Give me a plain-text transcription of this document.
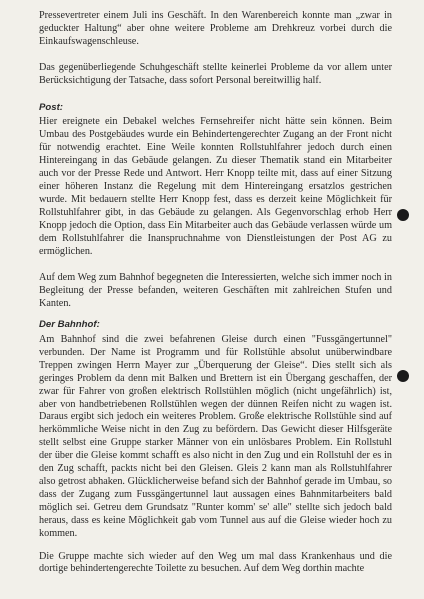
Pressevertreter einem Juli ins Geschäft. In den Warenbereich konnte man „zwar in geduckter Haltung“ aber ohne weitere Probleme am Drehkreuz vorbei durch die Einkaufswagenschleuse.

Das gegenüberliegende Schuhgeschäft stellte keinerlei Probleme da vor allem unter Berücksichtigung der Tatsache, dass sofort Personal bereitwillig half.

Post:

Hier ereignete ein Debakel welches Fernsehreifer nicht hätte sein können. Beim Umbau des Postgebäudes wurde ein Behindertengerechter Zugang an der Front nicht für notwendig erachtet. Eine Weile konnten Rollstuhlfahrer jedoch durch einen Hintereingang in das Gebäude gelangen. Zu dieser Thematik stand ein Mitarbeiter auch vor der Presse Rede und Antwort. Herr Knopp teilte mit, dass auf einer Sitzung einer höheren Instanz die Regelung mit dem Hintereingang ersatzlos gestrichen wurde. Mit bedauern stellte Herr Knopp fest, dass es derzeit keine Möglichkeit für Rollstuhlfahrer gibt, in das Gebäude zu gelangen. Als Gegenvorschlag erhob Herr Knopp jedoch die Option, dass Ein Mitarbeiter auch das Gebäude verlassen würde um dem Rollstuhlfahrer die Inanspruchnahme von Dienstleistungen der Post AG zu ermöglichen.

Auf dem Weg zum Bahnhof begegneten die Interessierten, welche sich immer noch in Begleitung der Presse befanden, weiteren Geschäften mit zahlreichen Stufen und Kanten.

Der Bahnhof:

Am Bahnhof sind die zwei befahrenen Gleise durch einen "Fussgängertunnel" verbunden. Der Name ist Programm und für Rollstühle absolut unüberwindbare Treppen zwingen Herrn Mayer zur „Überquerung der Gleise“. Dies stellt sich als geringes Problem da denn mit Balken und Brettern ist ein Übergang geschaffen, der zwar für Fahrer von großen elektrisch Rollstühlen möglich (nicht ungefährlich) ist, aber von handbetriebenen Rollstühlen wegen der dünnen Reifen nicht zu wagen ist. Daraus ergibt sich jedoch ein weiteres Problem. Große elektrische Rollstühle sind auf herkömmliche Weise nicht in den Zug zu befördern. Das Gewicht dieser Hilfsgeräte stellt selbst eine Gruppe starker Männer von ein unlösbares Problem. Ein Rollstuhl der über die Gleise kommt schafft es also nicht in den Zug und ein Rollstuhl der es in den Zug schafft, packts nicht bei den Gleisen. Gleis 2 kann man als Rollstuhlfahrer also getrost abhaken. Glücklicherweise befand sich der Bahnhof gerade im Umbau, so dass der Zugang zum Fussgängertunnel laut aussagen eines Bahnmitarbeiters bald möglich sei. Getreu dem Grundsatz "Runter komm' se' alle" stellte sich jedoch bald heraus, dass es keine Möglichkeit gab vom Tunnel aus auf die Gleise wieder hoch zu kommen.

Die Gruppe machte sich wieder auf den Weg um mal dass Krankenhaus und die dortige behindertengerechte Toilette zu besuchen. Auf dem Weg dorthin machte
